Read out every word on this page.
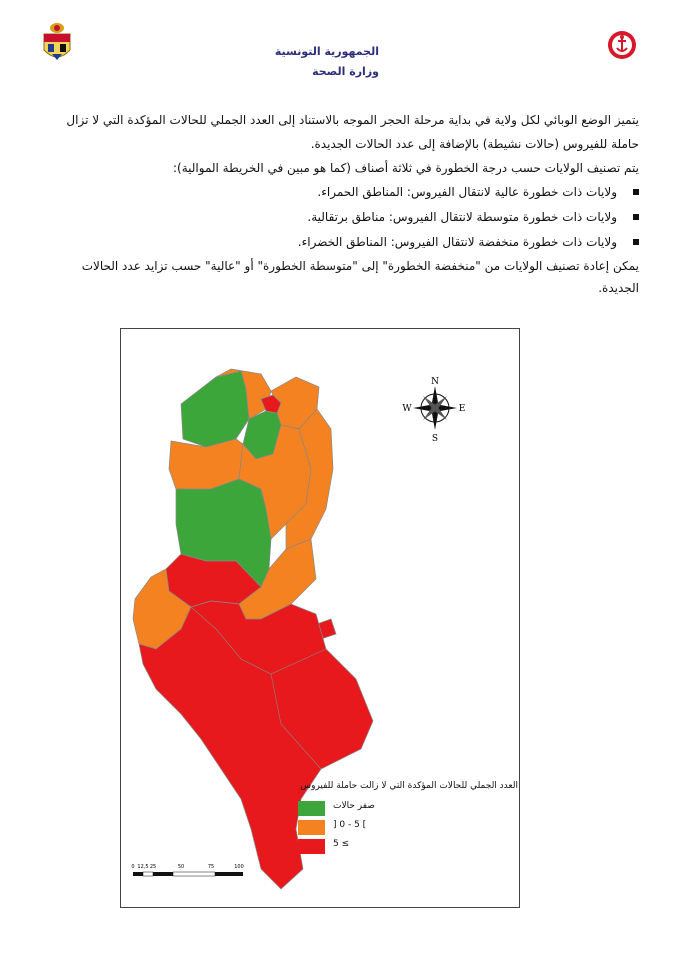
الجمهورية التونسية
وزارة الصحة

يتميز الوضع الوبائي لكل ولاية في بداية مرحلة الحجر الموجه بالاستناد إلى العدد الجملي للحالات المؤكدة التي لا تزال حاملة للفيروس (حالات نشيطة) بالإضافة إلى عدد الحالات الجديدة.

يتم تصنيف الولايات حسب درجة الخطورة في ثلاثة أصناف (كما هو مبين في الخريطة الموالية):

ولايات ذات خطورة عالية لانتقال الفيروس: المناطق الحمراء.
ولايات ذات خطورة متوسطة لانتقال الفيروس: مناطق برتقالية.
ولايات ذات خطورة منخفضة لانتقال الفيروس: المناطق الخضراء.

يمكن إعادة تصنيف الولايات من "منخفضة الخطورة" إلى "متوسطة الخطورة" أو "عالية" حسب تزايد عدد الحالات الجديدة.

N
S
E
W
0 12,5 25	50	75	100
العدد الجملي للحالات المؤكدة التي لا زالت حاملة للفيروس
صفر حالات
] 0 - 5 [
5 ≤
